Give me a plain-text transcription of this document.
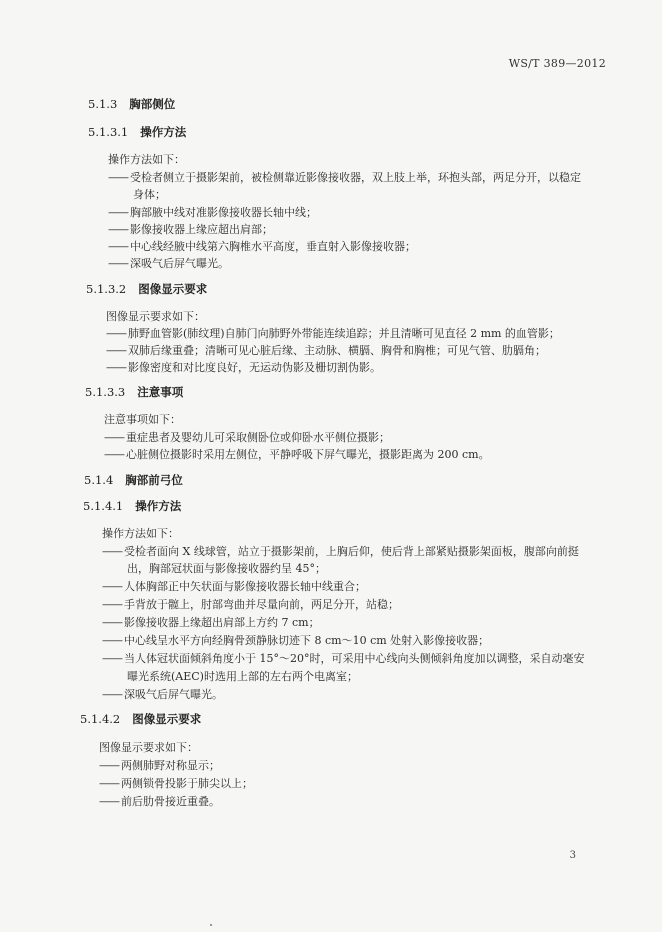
WS/T 389—2012
5.1.3 胸部侧位
5.1.3.1 操作方法
操作方法如下：
—— 受检者侧立于摄影架前，被检侧靠近影像接收器，双上肢上举，环抱头部，两足分开，以稳定
身体；
—— 胸部腋中线对准影像接收器长轴中线；
—— 影像接收器上缘应超出肩部；
—— 中心线经腋中线第六胸椎水平高度，垂直射入影像接收器；
—— 深吸气后屏气曝光。
5.1.3.2 图像显示要求
图像显示要求如下：
—— 肺野血管影(肺纹理)自肺门向肺野外带能连续追踪；并且清晰可见直径 2 mm 的血管影；
—— 双肺后缘重叠；清晰可见心脏后缘、主动脉、横膈、胸骨和胸椎；可见气管、肋膈角；
—— 影像密度和对比度良好，无运动伪影及栅切割伪影。
5.1.3.3 注意事项
注意事项如下：
—— 重症患者及婴幼儿可采取侧卧位或仰卧水平侧位摄影；
—— 心脏侧位摄影时采用左侧位，平静呼吸下屏气曝光，摄影距离为 200 cm。
5.1.4 胸部前弓位
5.1.4.1 操作方法
操作方法如下：
—— 受检者面向 X 线球管，站立于摄影架前，上胸后仰，使后背上部紧贴摄影架面板，腹部向前挺
出，胸部冠状面与影像接收器约呈 45°；
—— 人体胸部正中矢状面与影像接收器长轴中线重合；
—— 手背放于髋上，肘部弯曲并尽量向前，两足分开，站稳；
—— 影像接收器上缘超出肩部上方约 7 cm；
—— 中心线呈水平方向经胸骨颈静脉切迹下 8 cm～10 cm 处射入影像接收器；
—— 当人体冠状面倾斜角度小于 15°～20°时，可采用中心线向头侧倾斜角度加以调整，采自动毫安
曝光系统(AEC)时选用上部的左右两个电离室；
—— 深吸气后屏气曝光。
5.1.4.2 图像显示要求
图像显示要求如下：
—— 两侧肺野对称显示；
—— 两侧锁骨投影于肺尖以上；
—— 前后肋骨接近重叠。
3
